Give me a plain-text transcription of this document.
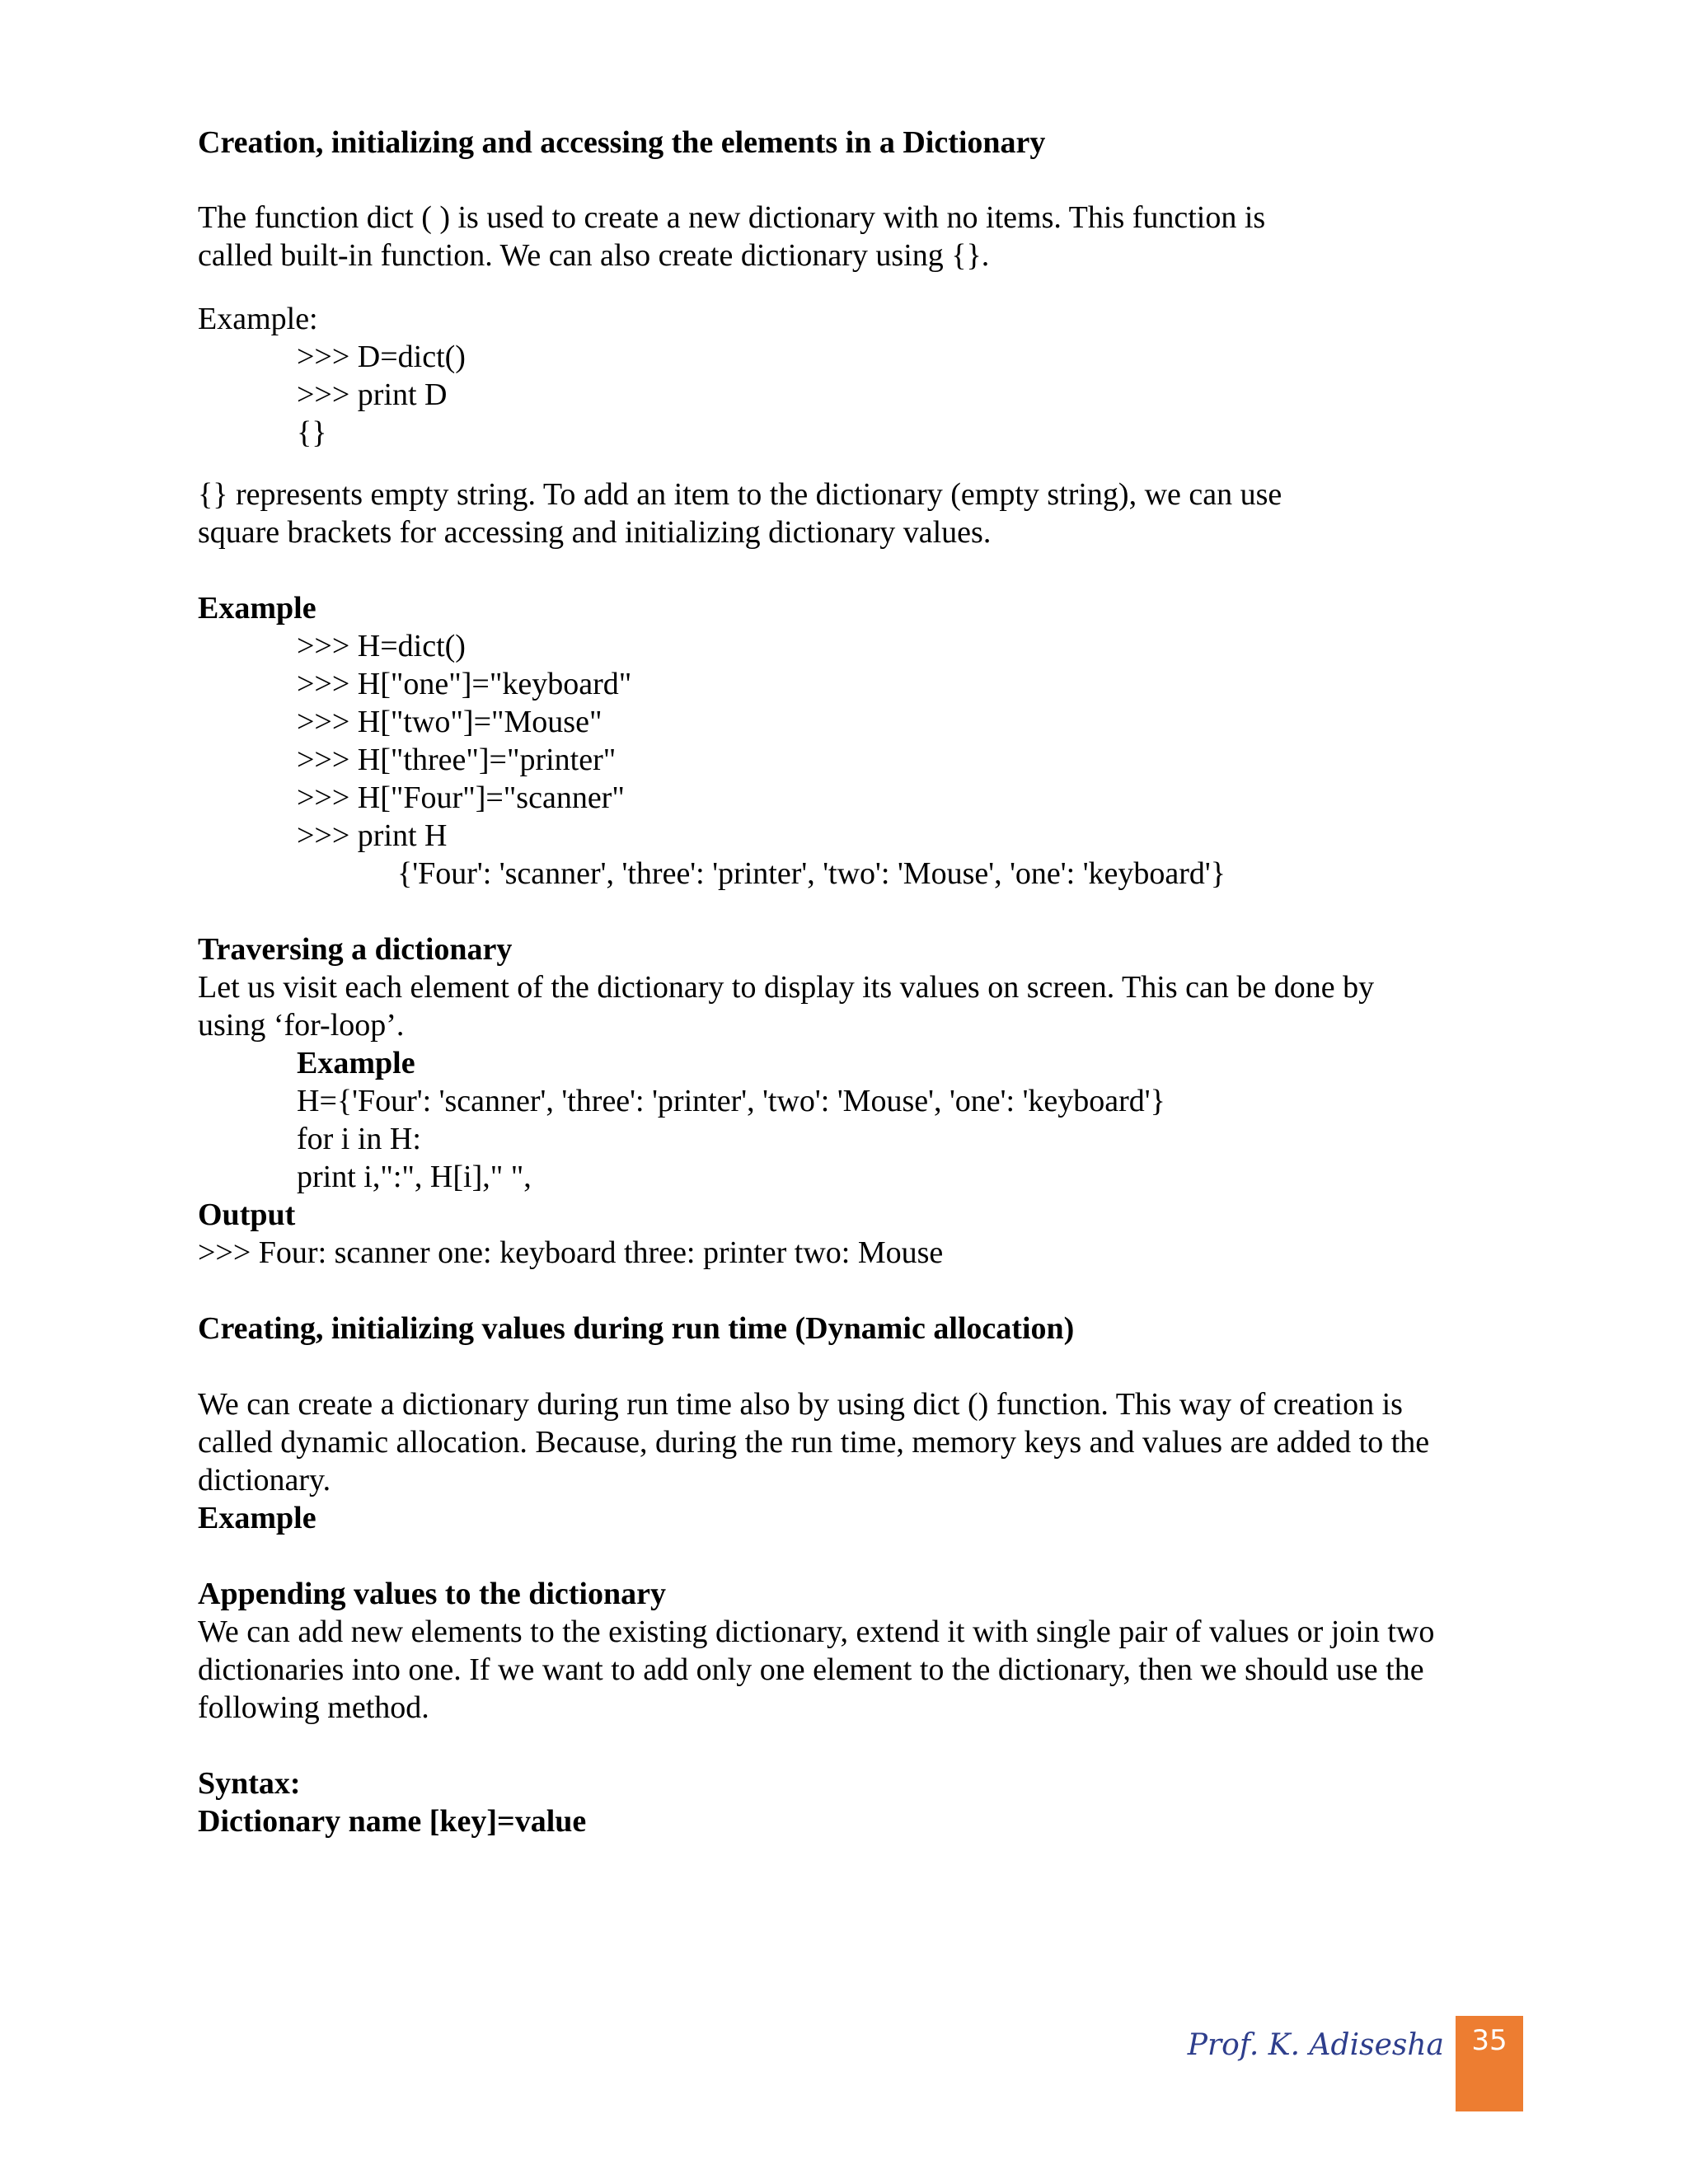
Creation, initializing and accessing the elements in a Dictionary

The function dict ( ) is used to create a new dictionary with no items. This function is

called built-in function. We can also create dictionary using {}.

Example:

>>> D=dict()

>>> print D

{}

{} represents empty string. To add an item to the dictionary (empty string), we can use

square brackets for accessing and initializing dictionary values.

Example

>>> H=dict()

>>> H["one"]="keyboard"

>>> H["two"]="Mouse"

>>> H["three"]="printer"

>>> H["Four"]="scanner"

>>> print H

{'Four': 'scanner', 'three': 'printer', 'two': 'Mouse', 'one': 'keyboard'}

Traversing a dictionary

Let us visit each element of the dictionary to display its values on screen. This can be done by

using ‘for-loop’.

Example

H={'Four': 'scanner', 'three': 'printer', 'two': 'Mouse', 'one': 'keyboard'}

for i in H:

print i,":", H[i]," ",

Output

>>> Four: scanner one: keyboard three: printer two: Mouse

Creating, initializing values during run time (Dynamic allocation)

We can create a dictionary during run time also by using dict () function. This way of creation is

called dynamic allocation. Because, during the run time, memory keys and values are added to the

dictionary.

Example

Appending values to the dictionary

We can add new elements to the existing dictionary, extend it with single pair of values or join two

dictionaries into one. If we want to add only one element to the dictionary, then we should use the

following method.

Syntax:

Dictionary name [key]=value

Prof. K. Adisesha 35
